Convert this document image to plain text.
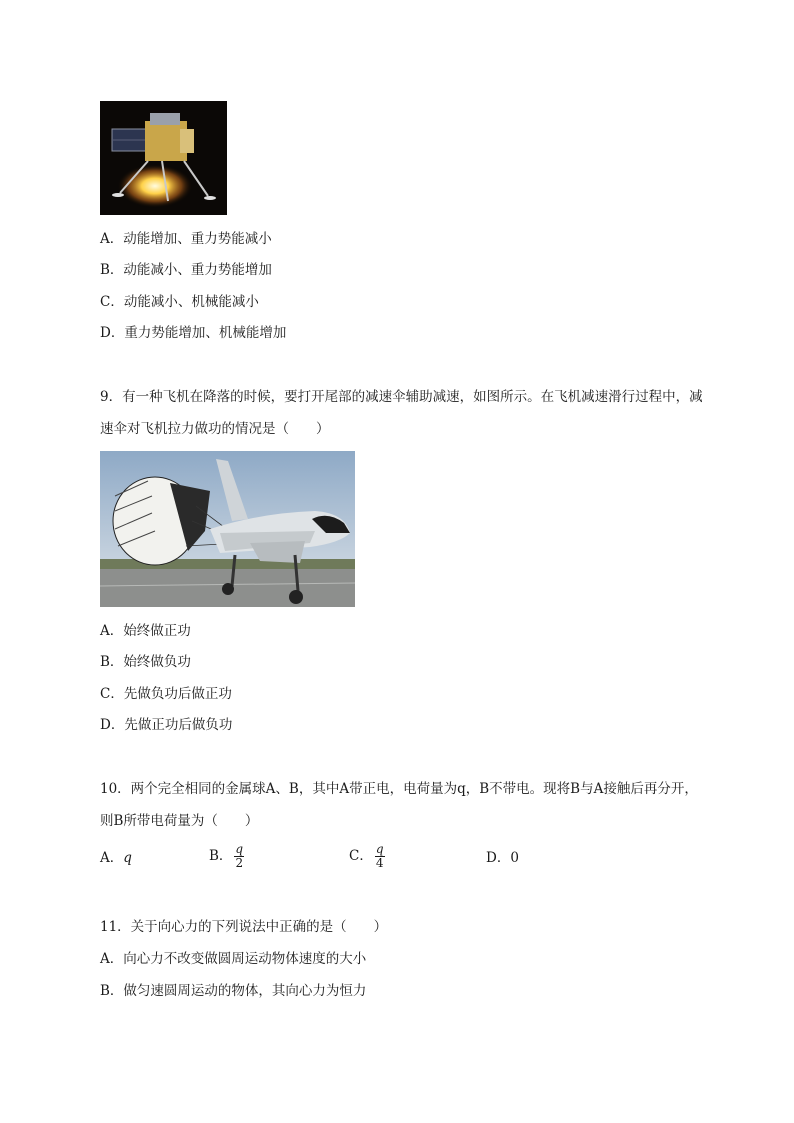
A．动能增加、重力势能减小
B．动能减小、重力势能增加
C．动能减小、机械能减小
D．重力势能增加、机械能增加
9．有一种飞机在降落的时候，要打开尾部的减速伞辅助减速，如图所示。在飞机减速滑行过程中，减
速伞对飞机拉力做功的情况是（　　）
A．始终做正功
B．始终做负功
C．先做负功后做正功
D．先做正功后做负功
10．两个完全相同的金属球A、B，其中A带正电，电荷量为q，B不带电。现将B与A接触后再分开，
则B所带电荷量为（　　）
A．q	B． $\frac{q}{2}$	C． $\frac{q}{4}$	D．0
11．关于向心力的下列说法中正确的是（　　）
A．向心力不改变做圆周运动物体速度的大小
B．做匀速圆周运动的物体，其向心力为恒力
